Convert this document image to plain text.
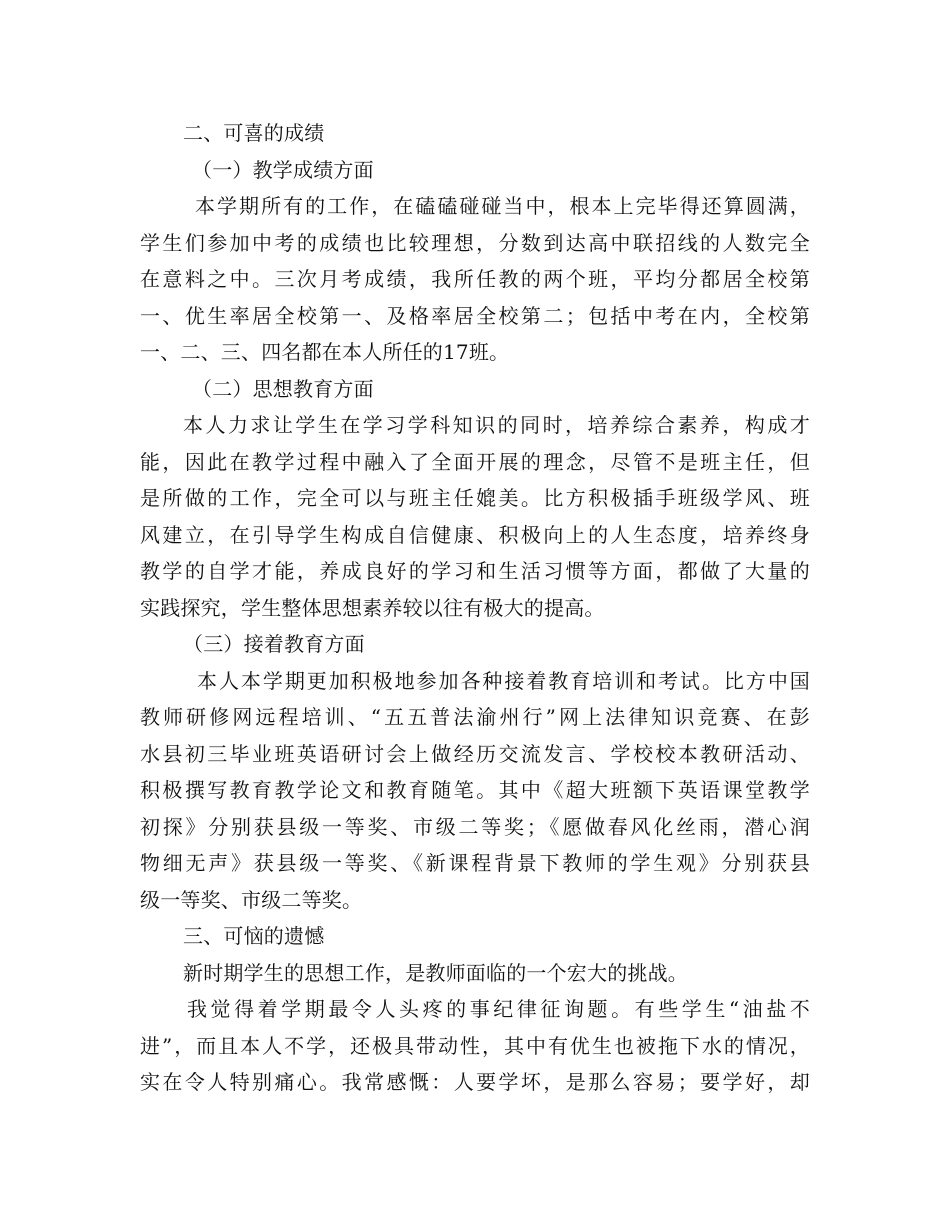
二、可喜的成绩
（一）教学成绩方面
本学期所有的工作，在磕磕碰碰当中，根本上完毕得还算圆满，
学生们参加中考的成绩也比较理想，分数到达高中联招线的人数完全
在意料之中。三次月考成绩，我所任教的两个班，平均分都居全校第
一、优生率居全校第一、及格率居全校第二；包括中考在内，全校第
一、二、三、四名都在本人所任的17班。
（二）思想教育方面
本人力求让学生在学习学科知识的同时，培养综合素养，构成才
能，因此在教学过程中融入了全面开展的理念，尽管不是班主任，但
是所做的工作，完全可以与班主任媲美。比方积极插手班级学风、班
风建立，在引导学生构成自信健康、积极向上的人生态度，培养终身
教学的自学才能，养成良好的学习和生活习惯等方面，都做了大量的
实践探究，学生整体思想素养较以往有极大的提高。
（三）接着教育方面
本人本学期更加积极地参加各种接着教育培训和考试。比方中国
教师研修网远程培训、“五五普法渝州行”网上法律知识竞赛、在彭
水县初三毕业班英语研讨会上做经历交流发言、学校校本教研活动、
积极撰写教育教学论文和教育随笔。其中《超大班额下英语课堂教学
初探》分别获县级一等奖、市级二等奖；《愿做春风化丝雨，潜心润
物细无声》获县级一等奖、《新课程背景下教师的学生观》分别获县
级一等奖、市级二等奖。
三、可恼的遗憾
新时期学生的思想工作，是教师面临的一个宏大的挑战。
我觉得着学期最令人头疼的事纪律征询题。有些学生“油盐不
进”，而且本人不学，还极具带动性，其中有优生也被拖下水的情况，
实在令人特别痛心。我常感慨：人要学坏，是那么容易；要学好，却
